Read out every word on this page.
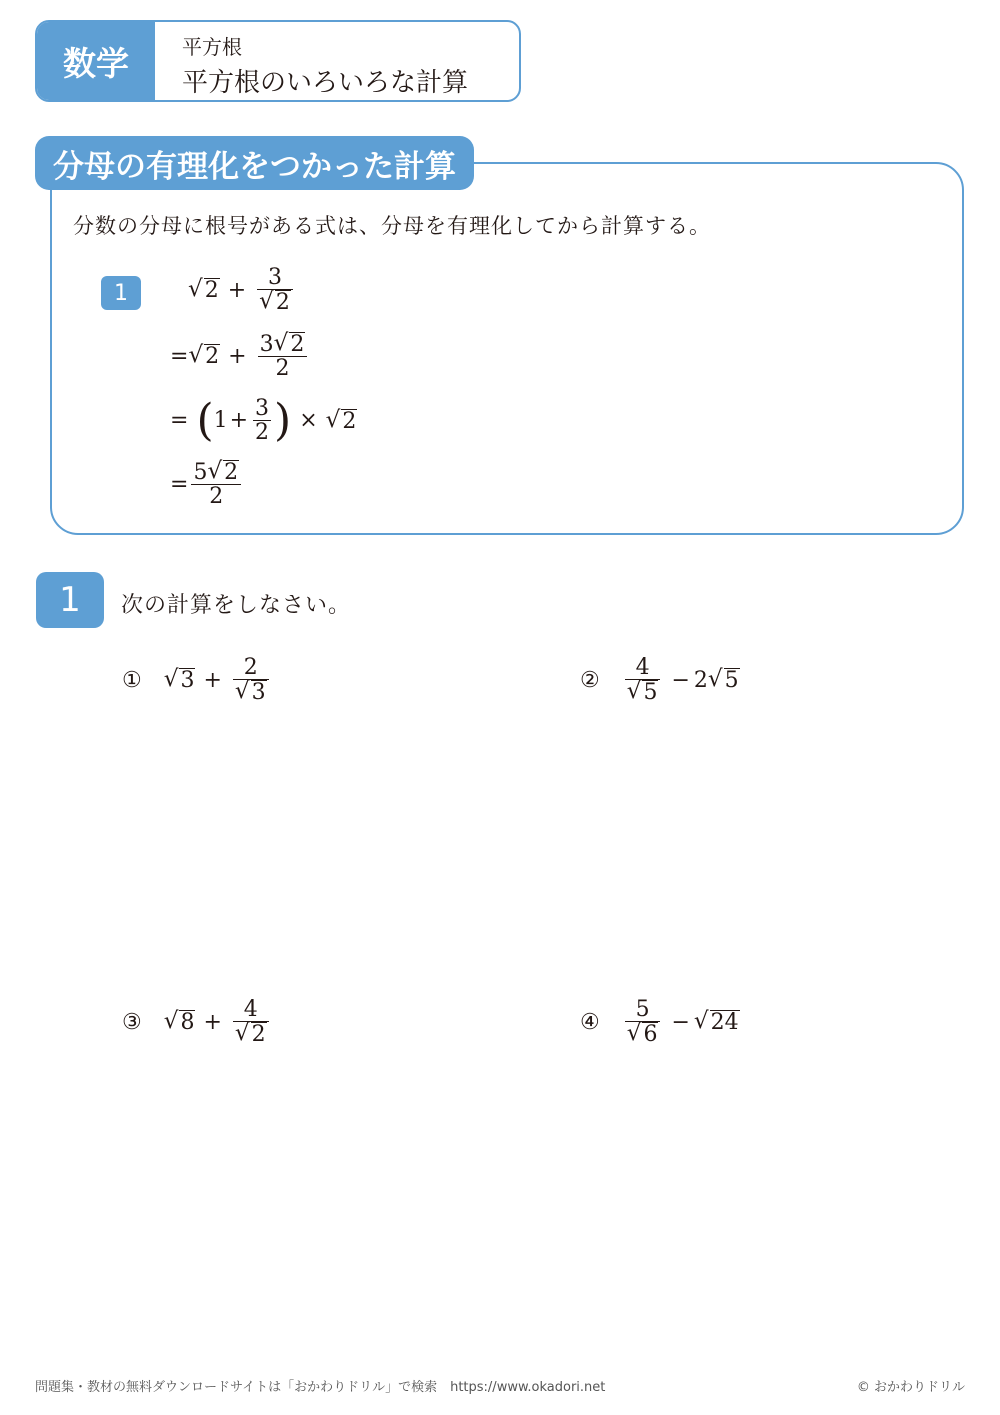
数学	平方根
平方根のいろいろな計算
分母の有理化をつかった計算
分数の分母に根号がある式は、分母を有理化してから計算する。
1	√ $2 + \frac{3}{√ 2}$
= √ $2 + \frac{3 √ 2}{2}$
= ( $1 + \frac{3}{2}$ ) × √ 2
= $\frac{5 √ 2}{2}$
1	次の計算をしなさい。
① √ $3 + \frac{2}{√ 3}$	② $\frac{4}{√ 5} - 2$ √ 5
③ √ $8 + \frac{4}{√ 2}$	④ $\frac{5}{√ 6}$ − √ 24
問題集・教材の無料ダウンロードサイトは「おかわりドリル」で検索　https://www.okadori.net	© おかわりドリル
